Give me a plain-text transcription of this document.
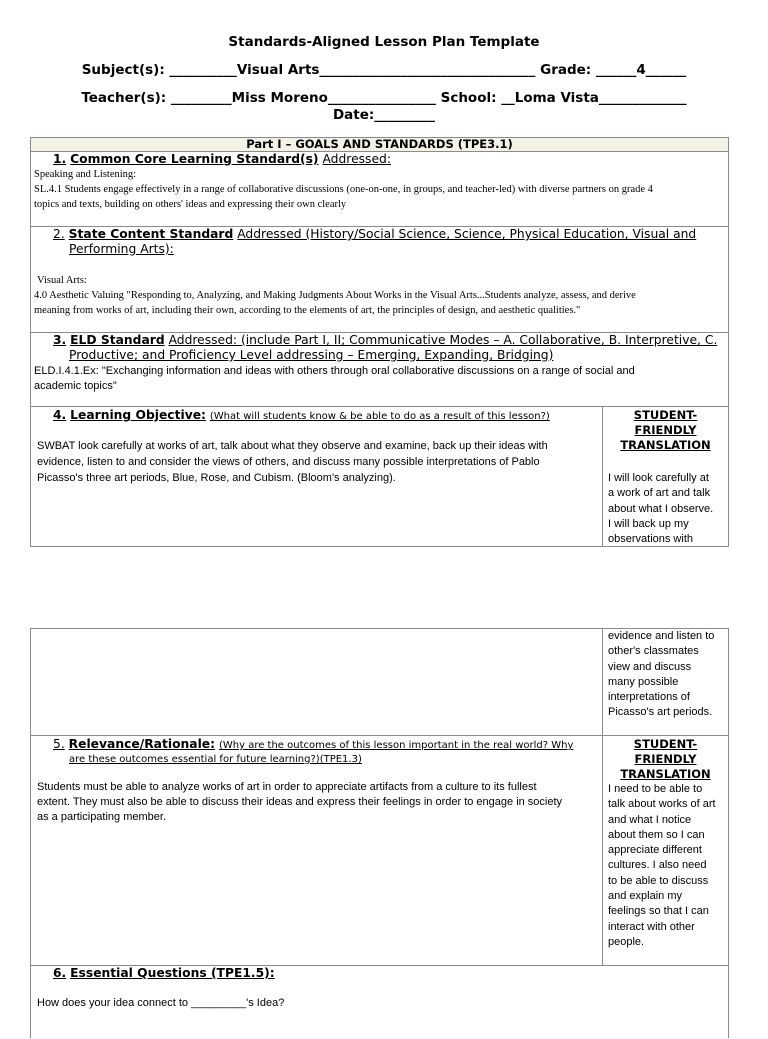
Standards-Aligned Lesson Plan Template
Subject(s): __________Visual Arts________________________________ Grade: ______4______
Teacher(s): _________Miss Moreno________________ School: __Loma Vista_____________
Date:_________
Part I – GOALS AND STANDARDS (TPE3.1)
1. Common Core Learning Standard(s) Addressed:
Speaking and Listening:
SL.4.1 Students engage effectively in a range of collaborative discussions (one-on-one, in groups, and teacher-led) with diverse partners on grade 4
topics and texts, building on others' ideas and expressing their own clearly
2. State Content Standard Addressed (History/Social Science, Science, Physical Education, Visual and
Performing Arts):
Visual Arts:
4.0 Aesthetic Valuing "Responding to, Analyzing, and Making Judgments About Works in the Visual Arts...Students analyze, assess, and derive
meaning from works of art, including their own, according to the elements of art, the principles of design, and aesthetic qualities."
3. ELD Standard Addressed: (include Part I, II; Communicative Modes – A. Collaborative, B. Interpretive, C.
Productive; and Proficiency Level addressing – Emerging, Expanding, Bridging)
ELD.I.4.1.Ex: "Exchanging information and ideas with others through oral collaborative discussions on a range of social and
academic topics"
4. Learning Objective: (What will students know & be able to do as a result of this lesson?)
SWBAT look carefully at works of art, talk about what they observe and examine, back up their ideas with
evidence, listen to and consider the views of others, and discuss many possible interpretations of Pablo
Picasso's three art periods, Blue, Rose, and Cubism. (Bloom's analyzing).
STUDENT-
FRIENDLY
TRANSLATION
I will look carefully at
a work of art and talk
about what I observe.
I will back up my
observations with
evidence and listen to
other's classmates
view and discuss
many possible
interpretations of
Picasso's art periods.
5. Relevance/Rationale: (Why are the outcomes of this lesson important in the real world? Why
are these outcomes essential for future learning?)(TPE1.3)
Students must be able to analyze works of art in order to appreciate artifacts from a culture to its fullest
extent. They must also be able to discuss their ideas and express their feelings in order to engage in society
as a participating member.
STUDENT-
FRIENDLY
TRANSLATION
I need to be able to
talk about works of art
and what I notice
about them so I can
appreciate different
cultures. I also need
to be able to discuss
and explain my
feelings so that I can
interact with other
people.
6. Essential Questions (TPE1.5):
How does your idea connect to _________'s Idea?
